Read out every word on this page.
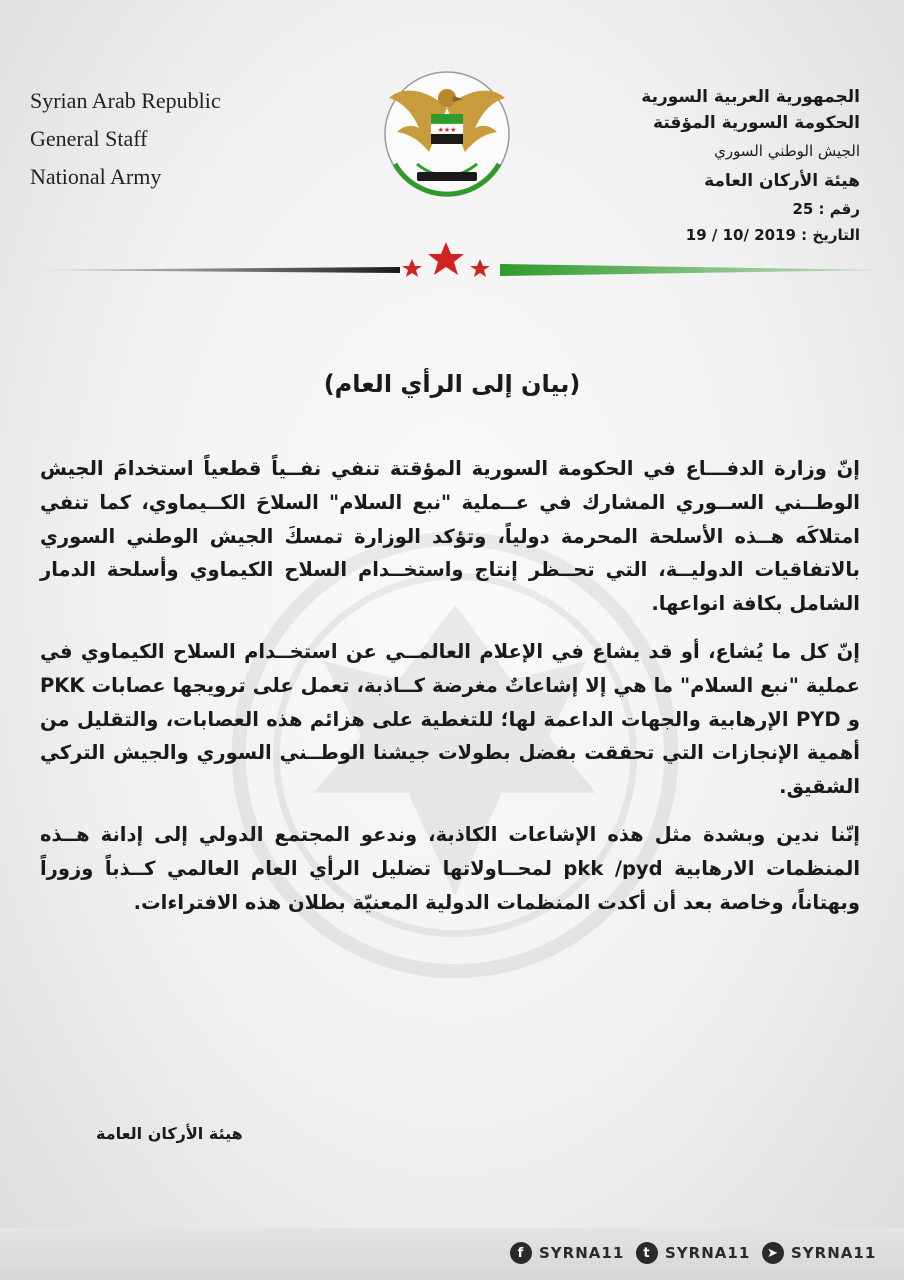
Syrian Arab Republic
General Staff
National Army
★★★
الجمهورية العربية السورية
الحكومة السورية المؤقتة
الجيش الوطني السوري
هيئة الأركان العامة
رقم : 25
التاريخ : 2019 /10 / 19
(بيان إلى الرأي العام)

إنّ وزارة الدفـــاع في الحكومة السورية المؤقتة تنفي نفــياً قطعياً استخدامَ الجيش الوطــني الســوري المشارك في عــملية "نبع السلام" السلاحَ الكــيماوي، كما تنفي امتلاكَه هــذه الأسلحة المحرمة دولياً، وتؤكد الوزارة تمسكَ الجيش الوطني السوري بالاتفاقيات الدوليــة، التي تحــظر إنتاج واستخــدام السلاح الكيماوي وأسلحة الدمار الشامل بكافة انواعها.

إنّ كل ما يُشاع، أو قد يشاع في الإعلام العالمــي عن استخــدام السلاح الكيماوي في عملية "نبع السلام" ما هي إلا إشاعاتٌ مغرضة كــاذبة، تعمل على ترويجها عصابات PKK و PYD الإرهابية والجهات الداعمة لها؛ للتغطية على هزائم هذه العصابات، والتقليل من أهمية الإنجازات التي تحققت بفضل بطولات جيشنا الوطــني السوري والجيش التركي الشقيق.

إنّنا ندين وبشدة مثل هذه الإشاعات الكاذبة، وندعو المجتمع الدولي إلى إدانة هــذه المنظمات الارهابية pkk /pyd لمحــاولاتها تضليل الرأي العام العالمي كــذباً وزوراً وبهتاناً، وخاصة بعد أن أكدت المنظمات الدولية المعنيّة بطلان هذه الافتراءات.

هيئة الأركان العامة
f SYRNA11	t SYRNA11	➤ SYRNA11
